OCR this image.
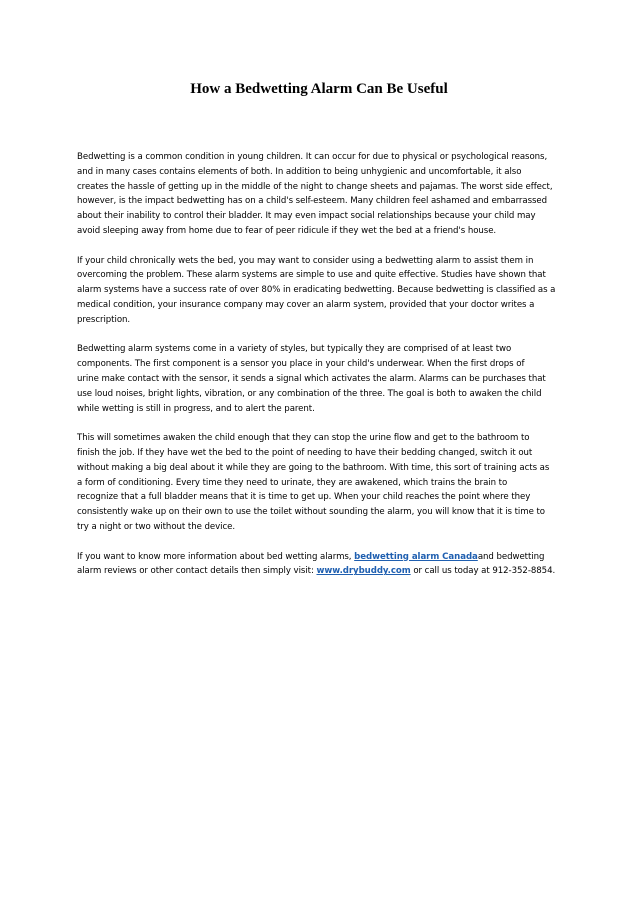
How a Bedwetting Alarm Can Be Useful

Bedwetting is a common condition in young children. It can occur for due to physical or psychological reasons,
and in many cases contains elements of both. In addition to being unhygienic and uncomfortable, it also
creates the hassle of getting up in the middle of the night to change sheets and pajamas. The worst side effect,
however, is the impact bedwetting has on a child's self-esteem. Many children feel ashamed and embarrassed
about their inability to control their bladder. It may even impact social relationships because your child may
avoid sleeping away from home due to fear of peer ridicule if they wet the bed at a friend's house.

If your child chronically wets the bed, you may want to consider using a bedwetting alarm to assist them in
overcoming the problem. These alarm systems are simple to use and quite effective. Studies have shown that
alarm systems have a success rate of over 80% in eradicating bedwetting. Because bedwetting is classified as a
medical condition, your insurance company may cover an alarm system, provided that your doctor writes a
prescription.

Bedwetting alarm systems come in a variety of styles, but typically they are comprised of at least two
components. The first component is a sensor you place in your child's underwear. When the first drops of
urine make contact with the sensor, it sends a signal which activates the alarm. Alarms can be purchases that
use loud noises, bright lights, vibration, or any combination of the three. The goal is both to awaken the child
while wetting is still in progress, and to alert the parent.

This will sometimes awaken the child enough that they can stop the urine flow and get to the bathroom to
finish the job. If they have wet the bed to the point of needing to have their bedding changed, switch it out
without making a big deal about it while they are going to the bathroom. With time, this sort of training acts as
a form of conditioning. Every time they need to urinate, they are awakened, which trains the brain to
recognize that a full bladder means that it is time to get up. When your child reaches the point where they
consistently wake up on their own to use the toilet without sounding the alarm, you will know that it is time to
try a night or two without the device.

If you want to know more information about bed wetting alarms, bedwetting alarm Canadaand bedwetting
alarm reviews or other contact details then simply visit: www.drybuddy.com or call us today at 912-352-8854.
